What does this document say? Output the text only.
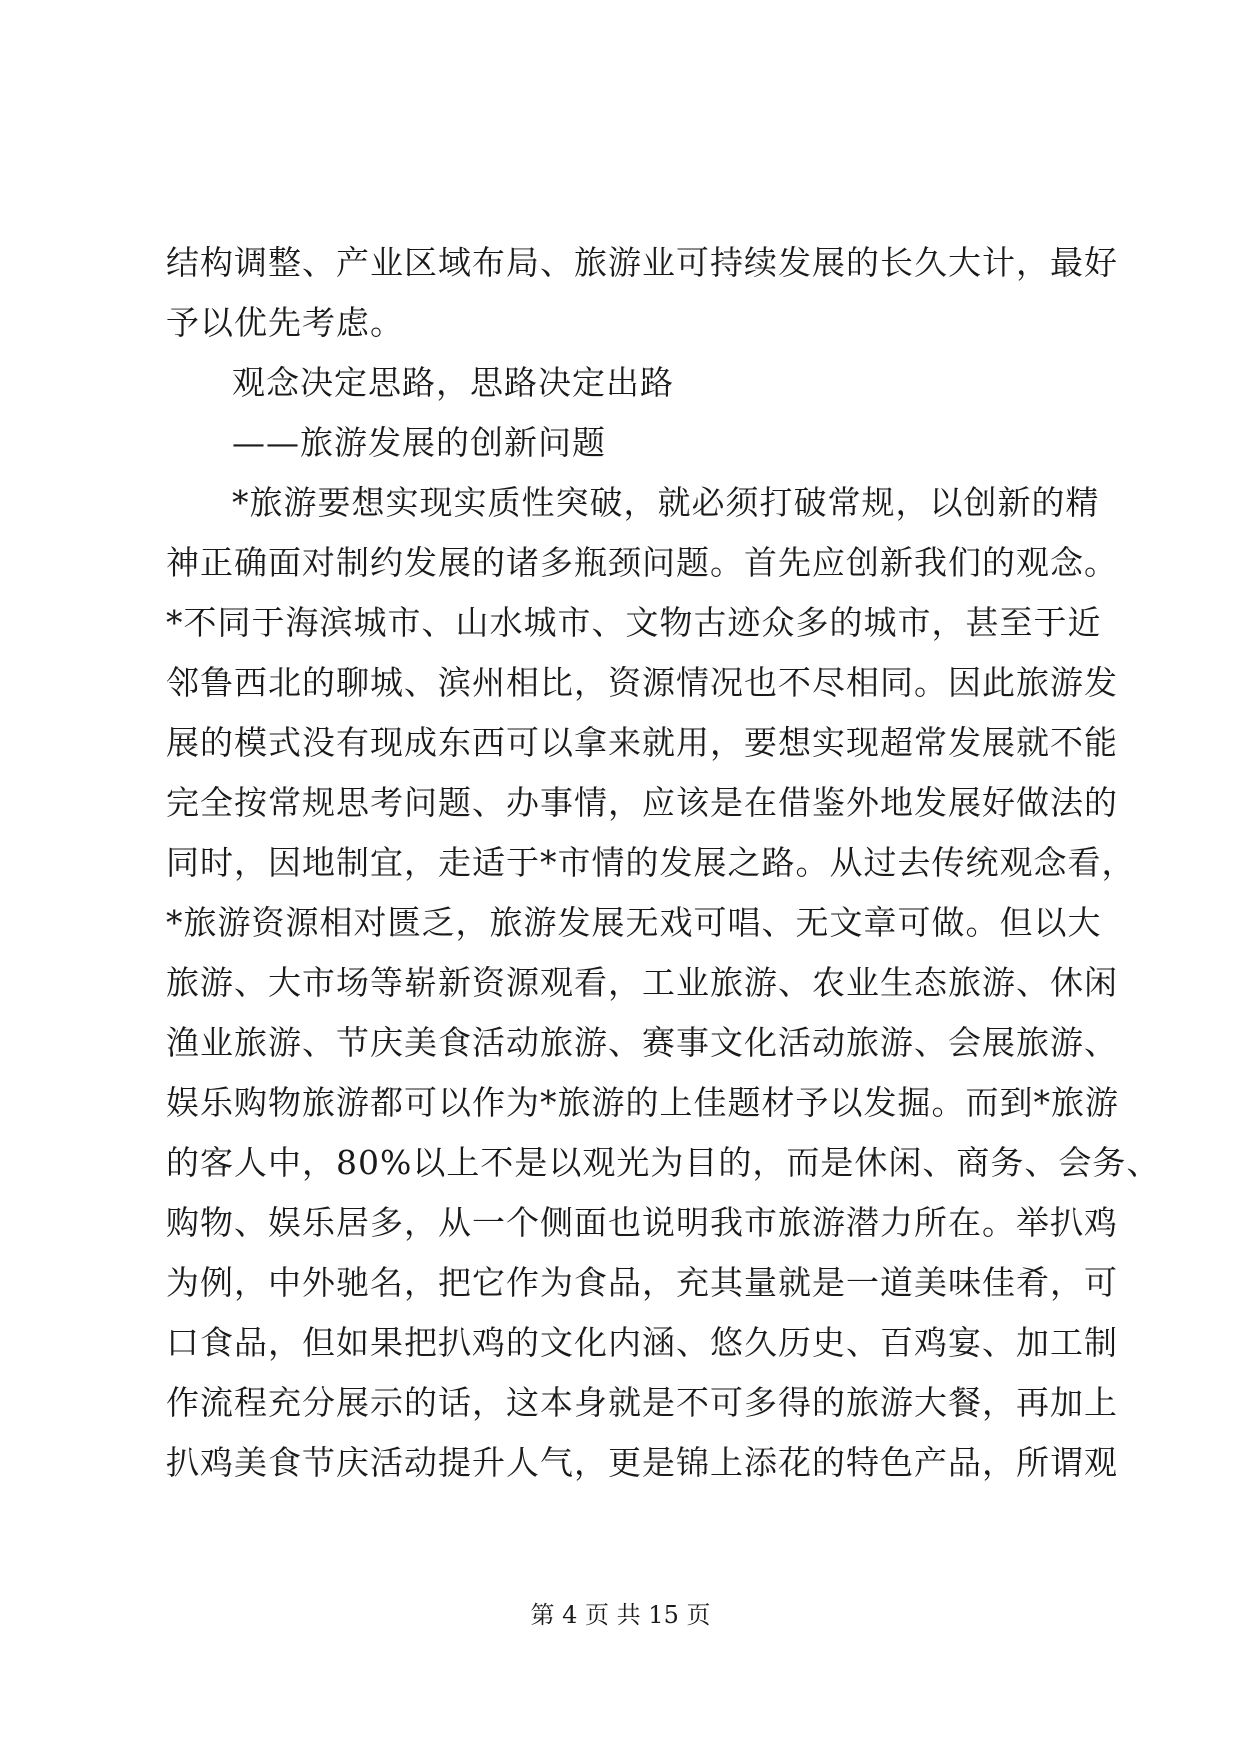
结构调整、产业区域布局、旅游业可持续发展的长久大计，最好
予以优先考虑。
观念决定思路，思路决定出路
——旅游发展的创新问题
*旅游要想实现实质性突破，就必须打破常规，以创新的精
神正确面对制约发展的诸多瓶颈问题。首先应创新我们的观念。
*不同于海滨城市、山水城市、文物古迹众多的城市，甚至于近
邻鲁西北的聊城、滨州相比，资源情况也不尽相同。因此旅游发
展的模式没有现成东西可以拿来就用，要想实现超常发展就不能
完全按常规思考问题、办事情，应该是在借鉴外地发展好做法的
同时，因地制宜，走适于*市情的发展之路。从过去传统观念看，
*旅游资源相对匮乏，旅游发展无戏可唱、无文章可做。但以大
旅游、大市场等崭新资源观看，工业旅游、农业生态旅游、休闲
渔业旅游、节庆美食活动旅游、赛事文化活动旅游、会展旅游、
娱乐购物旅游都可以作为*旅游的上佳题材予以发掘。而到*旅游
的客人中，80%以上不是以观光为目的，而是休闲、商务、会务、
购物、娱乐居多，从一个侧面也说明我市旅游潜力所在。举扒鸡
为例，中外驰名，把它作为食品，充其量就是一道美味佳肴，可
口食品，但如果把扒鸡的文化内涵、悠久历史、百鸡宴、加工制
作流程充分展示的话，这本身就是不可多得的旅游大餐，再加上
扒鸡美食节庆活动提升人气，更是锦上添花的特色产品，所谓观
第 4 页 共 15 页
